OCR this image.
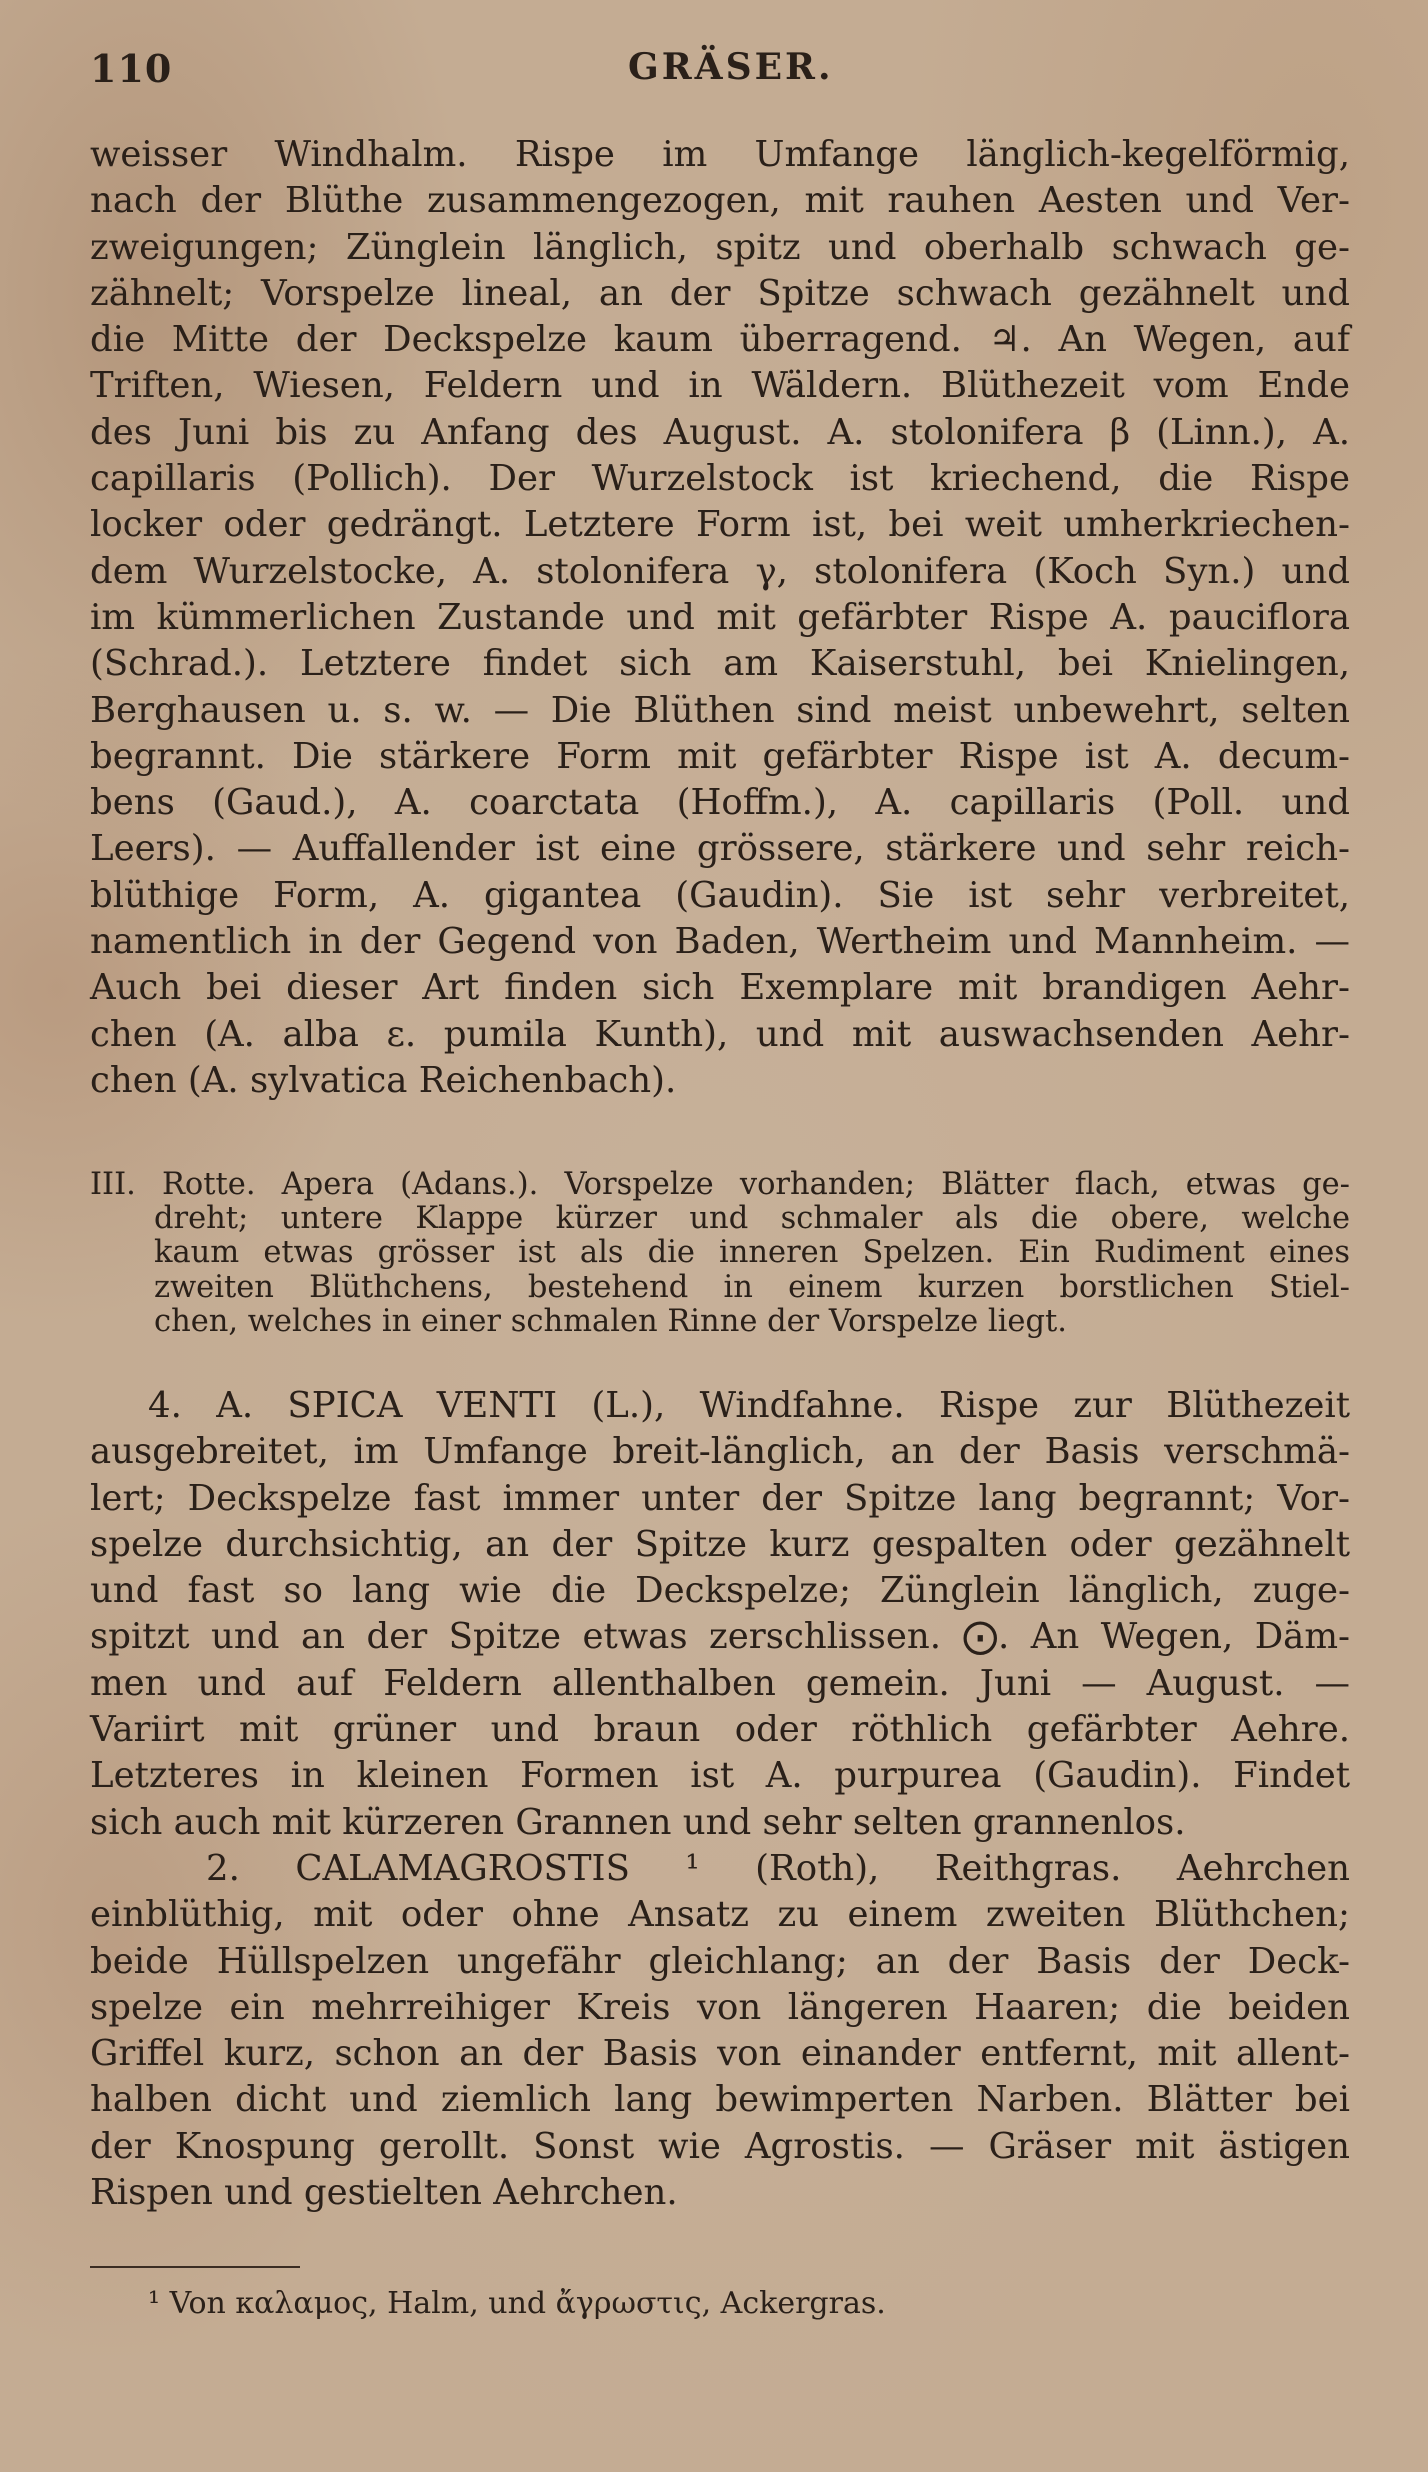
110	GRÄSER.
weisser Windhalm. Rispe im Umfange länglich-kegelförmig,
nach der Blüthe zusammengezogen, mit rauhen Aesten und Ver-
zweigungen; Zünglein länglich, spitz und oberhalb schwach ge-
zähnelt; Vorspelze lineal, an der Spitze schwach gezähnelt und
die Mitte der Deckspelze kaum überragend. ♃. An Wegen, auf
Triften, Wiesen, Feldern und in Wäldern. Blüthezeit vom Ende
des Juni bis zu Anfang des August. A. stolonifera β (Linn.), A.
capillaris (Pollich). Der Wurzelstock ist kriechend, die Rispe
locker oder gedrängt. Letztere Form ist, bei weit umherkriechen-
dem Wurzelstocke, A. stolonifera γ, stolonifera (Koch Syn.) und
im kümmerlichen Zustande und mit gefärbter Rispe A. pauciflora
(Schrad.). Letztere findet sich am Kaiserstuhl, bei Knielingen,
Berghausen u. s. w. — Die Blüthen sind meist unbewehrt, selten
begrannt. Die stärkere Form mit gefärbter Rispe ist A. decum-
bens (Gaud.), A. coarctata (Hoffm.), A. capillaris (Poll. und
Leers). — Auffallender ist eine grössere, stärkere und sehr reich-
blüthige Form, A. gigantea (Gaudin). Sie ist sehr verbreitet,
namentlich in der Gegend von Baden, Wertheim und Mannheim. —
Auch bei dieser Art finden sich Exemplare mit brandigen Aehr-
chen (A. alba ε. pumila Kunth), und mit auswachsenden Aehr-
chen (A. sylvatica Reichenbach).
III. Rotte. Apera (Adans.). Vorspelze vorhanden; Blätter flach, etwas ge-
dreht; untere Klappe kürzer und schmaler als die obere, welche
kaum etwas grösser ist als die inneren Spelzen. Ein Rudiment eines
zweiten Blüthchens, bestehend in einem kurzen borstlichen Stiel-
chen, welches in einer schmalen Rinne der Vorspelze liegt.
4. A. SPICA VENTI (L.), Windfahne. Rispe zur Blüthezeit
ausgebreitet, im Umfange breit-länglich, an der Basis verschmä-
lert; Deckspelze fast immer unter der Spitze lang begrannt; Vor-
spelze durchsichtig, an der Spitze kurz gespalten oder gezähnelt
und fast so lang wie die Deckspelze; Zünglein länglich, zuge-
spitzt und an der Spitze etwas zerschlissen. ⨀. An Wegen, Däm-
men und auf Feldern allenthalben gemein. Juni — August. —
Variirt mit grüner und braun oder röthlich gefärbter Aehre.
Letzteres in kleinen Formen ist A. purpurea (Gaudin). Findet
sich auch mit kürzeren Grannen und sehr selten grannenlos.
2. CALAMAGROSTIS ¹ (Roth), Reithgras. Aehrchen
einblüthig, mit oder ohne Ansatz zu einem zweiten Blüthchen;
beide Hüllspelzen ungefähr gleichlang; an der Basis der Deck-
spelze ein mehrreihiger Kreis von längeren Haaren; die beiden
Griffel kurz, schon an der Basis von einander entfernt, mit allent-
halben dicht und ziemlich lang bewimperten Narben. Blätter bei
der Knospung gerollt. Sonst wie Agrostis. — Gräser mit ästigen
Rispen und gestielten Aehrchen.
¹ Von καλαμος, Halm, und ἄγρωστις, Ackergras.
